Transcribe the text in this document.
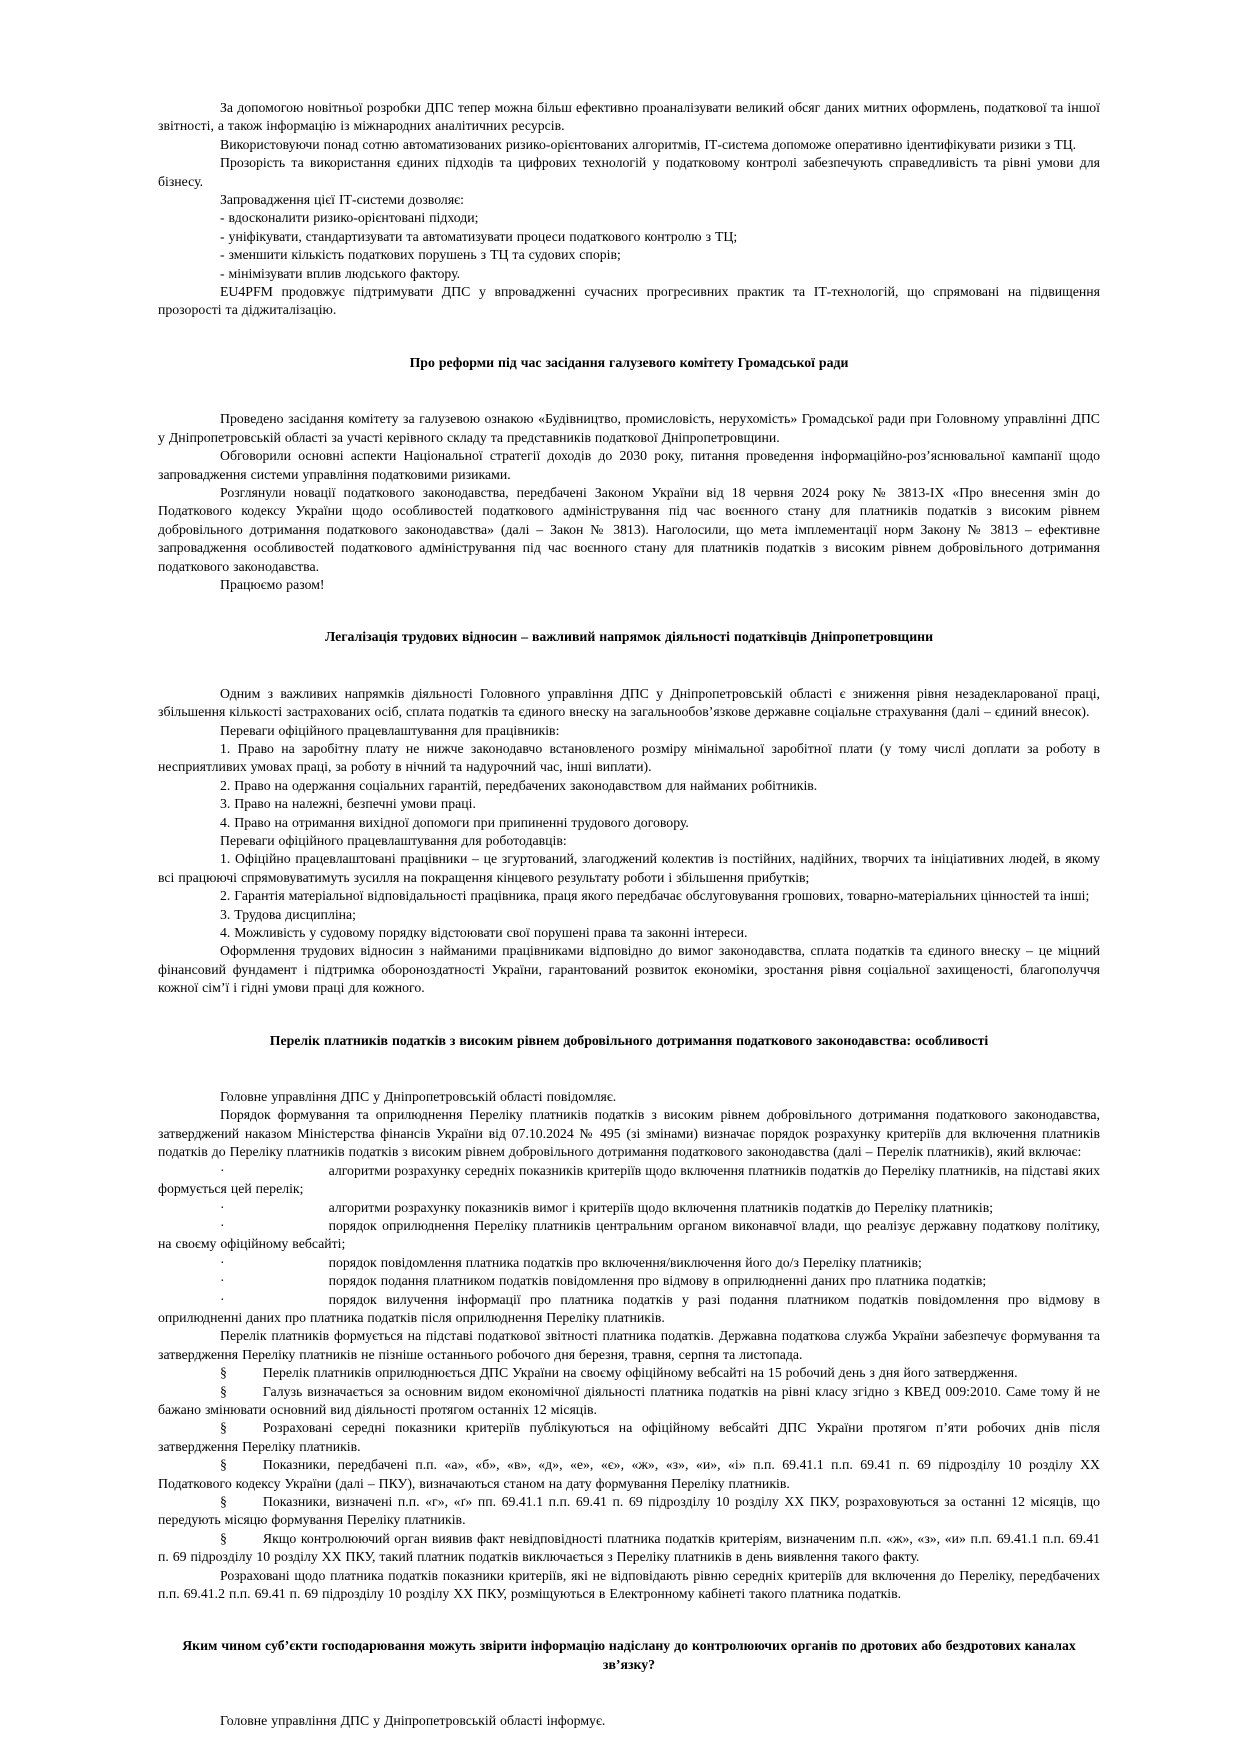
За допомогою новітньої розробки ДПС тепер можна більш ефективно проаналізувати великий обсяг даних митних оформлень, податкової та іншої звітності, а також інформацію із міжнародних аналітичних ресурсів.

Використовуючи понад сотню автоматизованих ризико-орієнтованих алгоритмів, ІТ-система допоможе оперативно ідентифікувати ризики з ТЦ.

Прозорість та використання єдиних підходів та цифрових технологій у податковому контролі забезпечують справедливість та рівні умови для бізнесу.

Запровадження цієї ІТ-системи дозволяє:

- вдосконалити ризико-орієнтовані підходи;

- уніфікувати, стандартизувати та автоматизувати процеси податкового контролю з ТЦ;

- зменшити кількість податкових порушень з ТЦ та судових спорів;

- мінімізувати вплив людського фактору.

EU4PFM продовжує підтримувати ДПС у впровадженні сучасних прогресивних практик та ІТ-технологій, що спрямовані на підвищення прозорості та діджиталізацію.

Про реформи під час засідання галузевого комітету Громадської ради

Проведено засідання комітету за галузевою ознакою «Будівництво, промисловість, нерухомість» Громадської ради при Головному управлінні ДПС у Дніпропетровській області за участі керівного складу та представників податкової Дніпропетровщини.

Обговорили основні аспекти Національної стратегії доходів до 2030 року, питання проведення інформаційно-роз’яснювальної кампанії щодо запровадження системи управління податковими ризиками.

Розглянули новації податкового законодавства, передбачені Законом України від 18 червня 2024 року № 3813-IX «Про внесення змін до Податкового кодексу України щодо особливостей податкового адміністрування під час воєнного стану для платників податків з високим рівнем добровільного дотримання податкового законодавства» (далі – Закон № 3813). Наголосили, що мета імплементації норм Закону № 3813 – ефективне запровадження особливостей податкового адміністрування під час воєнного стану для платників податків з високим рівнем добровільного дотримання податкового законодавства.

Працюємо разом!

Легалізація трудових відносин – важливий напрямок діяльності податківців Дніпропетровщини

Одним з важливих напрямків діяльності Головного управління ДПС у Дніпропетровській області є зниження рівня незадекларованої праці, збільшення кількості застрахованих осіб, сплата податків та єдиного внеску на загальнообов’язкове державне соціальне страхування (далі – єдиний внесок).

Переваги офіційного працевлаштування для працівників:

1. Право на заробітну плату не нижче законодавчо встановленого розміру мінімальної заробітної плати (у тому числі доплати за роботу в несприятливих умовах праці, за роботу в нічний та надурочний час, інші виплати).

2. Право на одержання соціальних гарантій, передбачених законодавством для найманих робітників.

3. Право на належні, безпечні умови праці.

4. Право на отримання вихідної допомоги при припиненні трудового договору.

Переваги офіційного працевлаштування для роботодавців:

1. Офіційно працевлаштовані працівники – це згуртований, злагоджений колектив із постійних, надійних, творчих та ініціативних людей, в якому всі працюючі спрямовуватимуть зусилля на покращення кінцевого результату роботи і збільшення прибутків;

2. Гарантія матеріальної відповідальності працівника, праця якого передбачає обслуговування грошових, товарно-матеріальних цінностей та інші;

3. Трудова дисципліна;

4. Можливість у судовому порядку відстоювати свої порушені права та законні інтереси.

Оформлення трудових відносин з найманими працівниками відповідно до вимог законодавства, сплата податків та єдиного внеску – це міцний фінансовий фундамент і підтримка обороноздатності України, гарантований розвиток економіки, зростання рівня соціальної захищеності, благополуччя кожної сім’ї і гідні умови праці для кожного.

Перелік платників податків з високим рівнем добровільного дотримання податкового законодавства: особливості

Головне управління ДПС у Дніпропетровській області повідомляє.

Порядок формування та оприлюднення Переліку платників податків з високим рівнем добровільного дотримання податкового законодавства, затверджений наказом Міністерства фінансів України від 07.10.2024 № 495 (зі змінами) визначає порядок розрахунку критеріїв для включення платників податків до Переліку платників податків з високим рівнем добровільного дотримання податкового законодавства (далі – Перелік платників), який включає:

·	алгоритми розрахунку середніх показників критеріїв щодо включення платників податків до Переліку платників, на підставі яких формується цей перелік;

·	алгоритми розрахунку показників вимог і критеріїв щодо включення платників податків до Переліку платників;

·	порядок оприлюднення Переліку платників центральним органом виконавчої влади, що реалізує державну податкову політику, на своєму офіційному вебсайті;

·	порядок повідомлення платника податків про включення/виключення його до/з Переліку платників;

·	порядок подання платником податків повідомлення про відмову в оприлюдненні даних про платника податків;

·	порядок вилучення інформації про платника податків у разі подання платником податків повідомлення про відмову в оприлюдненні даних про платника податків після оприлюднення Переліку платників.

Перелік платників формується на підставі податкової звітності платника податків. Державна податкова служба України забезпечує формування та затвердження Переліку платників не пізніше останнього робочого дня березня, травня, серпня та листопада.

§	Перелік платників оприлюднюється ДПС України на своєму офіційному вебсайті на 15 робочий день з дня його затвердження.

§	Галузь визначається за основним видом економічної діяльності платника податків на рівні класу згідно з КВЕД 009:2010. Саме тому й не бажано змінювати основний вид діяльності протягом останніх 12 місяців.

§	Розраховані середні показники критеріїв публікуються на офіційному вебсайті ДПС України протягом п’яти робочих днів після затвердження Переліку платників.

§	Показники, передбачені п.п. «а», «б», «в», «д», «е», «є», «ж», «з», «и», «і» п.п. 69.41.1 п.п. 69.41 п. 69 підрозділу 10 розділу ХХ Податкового кодексу України (далі – ПКУ), визначаються станом на дату формування Переліку платників.

§	Показники, визначені п.п. «г», «ґ» пп. 69.41.1 п.п. 69.41 п. 69 підрозділу 10 розділу ХХ ПКУ, розраховуються за останні 12 місяців, що передують місяцю формування Переліку платників.

§	Якщо контролюючий орган виявив факт невідповідності платника податків критеріям, визначеним п.п. «ж», «з», «и» п.п. 69.41.1 п.п. 69.41 п. 69 підрозділу 10 розділу ХХ ПКУ, такий платник податків виключається з Переліку платників в день виявлення такого факту.

Розраховані щодо платника податків показники критеріїв, які не відповідають рівню середніх критеріїв для включення до Переліку, передбачених п.п. 69.41.2 п.п. 69.41 п. 69 підрозділу 10 розділу ХХ ПКУ, розміщуються в Електронному кабінеті такого платника податків.

Яким чином суб’єкти господарювання можуть звірити інформацію надіслану до контролюючих органів по дротових або бездротових каналах зв’язку?

Головне управління ДПС у Дніпропетровській області інформує.
